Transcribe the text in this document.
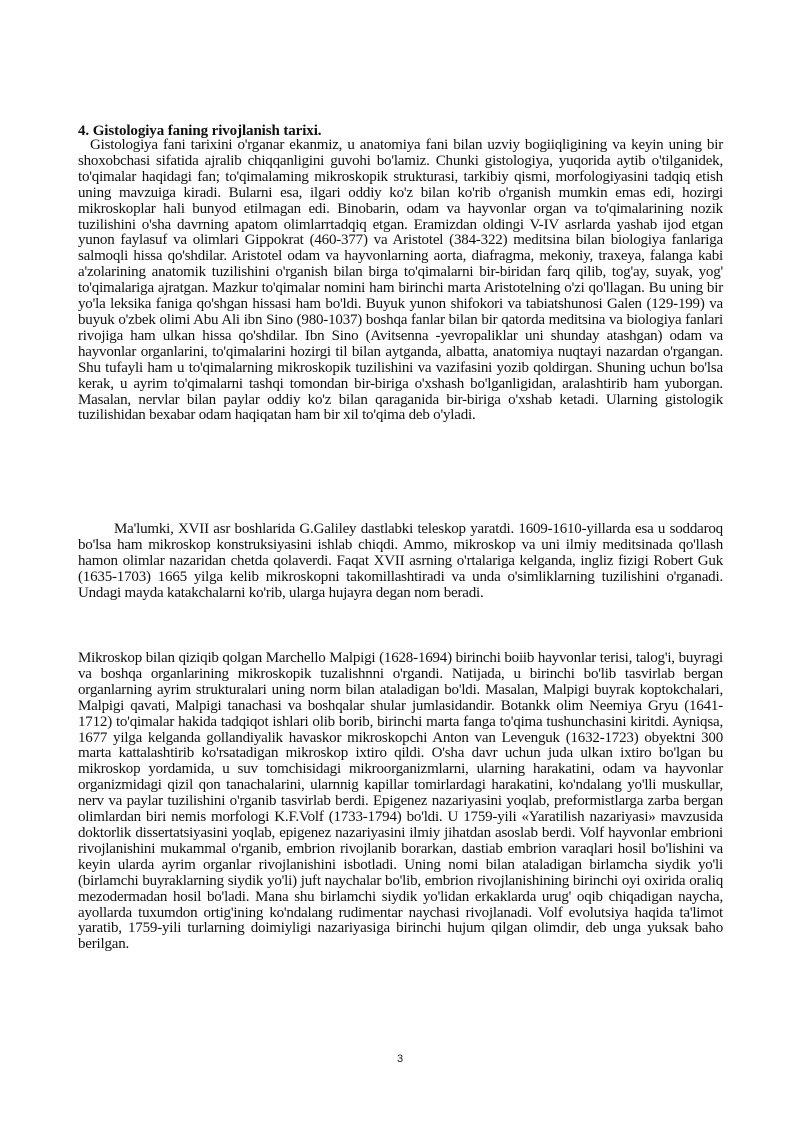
4. Gistologiya faning rivojlanish tarixi.

Gistologiya fani tarixini o'rganar ekanmiz, u anatomiya fani bilan uzviy bogiiqligining va keyin uning bir shoxobchasi sifatida ajralib chiqqanligini guvohi bo'lamiz. Chunki gistologiya, yuqorida aytib o'tilganidek, to'qimalar haqidagi fan; to'qimalaming mikroskopik strukturasi, tarkibiy qismi, morfologiyasini tadqiq etish uning mavzuiga kiradi. Bularni esa, ilgari oddiy ko'z bilan ko'rib o'rganish mumkin emas edi, hozirgi mikroskoplar hali bunyod etilmagan edi. Binobarin, odam va hayvonlar organ va to'qimalarining nozik tuzilishini o'sha davrning apatom olimlarrtadqiq etgan. Eramizdan oldingi V-IV asrlarda yashab ijod etgan yunon faylasuf va olimlari Gippokrat (460-377) va Aristotel (384-322) meditsina bilan biologiya fanlariga salmoqli hissa qo'shdilar. Aristotel odam va hayvonlarning aorta, diafragma, mekoniy, traxeya, falanga kabi a'zolarining anatomik tuzilishini o'rganish bilan birga to'qimalarni bir-biridan farq qilib, tog'ay, suyak, yog' to'qimalariga ajratgan. Mazkur to'qimalar nomini ham birinchi marta Aristotelning o'zi qo'llagan. Bu uning bir yo'la leksika faniga qo'shgan hissasi ham bo'ldi. Buyuk yunon shifokori va tabiatshunosi Galen (129-199) va buyuk o'zbek olimi Abu Ali ibn Sino (980-1037) boshqa fanlar bilan bir qatorda meditsina va biologiya fanlari rivojiga ham ulkan hissa qo'shdilar. Ibn Sino (Avitsenna -yevropaliklar uni shunday atashgan) odam va hayvonlar organlarini, to'qimalarini hozirgi til bilan aytganda, albatta, anatomiya nuqtayi nazardan o'rgangan. Shu tufayli ham u to'qimalarning mikroskopik tuzilishini va vazifasini yozib qoldirgan. Shuning uchun bo'lsa kerak, u ayrim to'qimalarni tashqi tomondan bir-biriga o'xshash bo'lganligidan, aralashtirib ham yuborgan. Masalan, nervlar bilan paylar oddiy ko'z bilan qaraganida bir-biriga o'xshab ketadi. Ularning gistologik tuzilishidan bexabar odam haqiqatan ham bir xil to'qima deb o'yladi.

Ma'lumki, XVII asr boshlarida G.Galiley dastlabki teleskop yaratdi. 1609-1610-yillarda esa u soddaroq bo'lsa ham mikroskop konstruksiyasini ishlab chiqdi. Ammo, mikroskop va uni ilmiy meditsinada qo'llash hamon olimlar nazaridan chetda qolaverdi. Faqat XVII asrning o'rtalariga kelganda, ingliz fizigi Robert Guk (1635-1703) 1665 yilga kelib mikroskopni takomillashtiradi va unda o'simliklarning tuzilishini o'rganadi. Undagi mayda katakchalarni ko'rib, ularga hujayra degan nom beradi.

Mikroskop bilan qiziqib qolgan Marchello Malpigi (1628-1694) birinchi boiib hayvonlar terisi, talog'i, buyragi va boshqa organlarining mikroskopik tuzalishnni o'rgandi. Natijada, u birinchi bo'lib tasvirlab bergan organlarning ayrim strukturalari uning norm bilan ataladigan bo'ldi. Masalan, Malpigi buyrak koptokchalari, Malpigi qavati, Malpigi tanachasi va boshqalar shular jumlasidandir. Botankk olim Neemiya Gryu (1641-1712) to'qimalar hakida tadqiqot ishlari olib borib, birinchi marta fanga to'qima tushunchasini kiritdi. Ayniqsa, 1677 yilga kelganda gollandiyalik havaskor mikroskopchi Anton van Levenguk (1632-1723) obyektni 300 marta kattalashtirib ko'rsatadigan mikroskop ixtiro qildi. O'sha davr uchun juda ulkan ixtiro bo'lgan bu mikroskop yordamida, u suv tomchisidagi mikroorganizmlarni, ularning harakatini, odam va hayvonlar organizmidagi qizil qon tanachalarini, ularnnig kapillar tomirlardagi harakatini, ko'ndalang yo'lli muskullar, nerv va paylar tuzilishini o'rganib tasvirlab berdi. Epigenez nazariyasini yoqlab, preformistlarga zarba bergan olimlardan biri nemis morfologi K.F.Volf (1733-1794) bo'ldi. U 1759-yili «Yaratilish nazariyasi» mavzusida doktorlik dissertatsiyasini yoqlab, epigenez nazariyasini ilmiy jihatdan asoslab berdi. Volf hayvonlar embrioni rivojlanishini mukammal o'rganib, embrion rivojlanib borarkan, dastiab embrion varaqlari hosil bo'lishini va keyin ularda ayrim organlar rivojlanishini isbotladi. Uning nomi bilan ataladigan birlamcha siydik yo'li (birlamchi buyraklarning siydik yo'li) juft naychalar bo'lib, embrion rivojlanishining birinchi oyi oxirida oraliq mezodermadan hosil bo'ladi. Mana shu birlamchi siydik yo'lidan erkaklarda urug' oqib chiqadigan naycha, ayollarda tuxumdon ortig'ining ko'ndalang rudimentar naychasi rivojlanadi. Volf evolutsiya haqida ta'limot yaratib, 1759-yili turlarning doimiyligi nazariyasiga birinchi hujum qilgan olimdir, deb unga yuksak baho berilgan.

3
